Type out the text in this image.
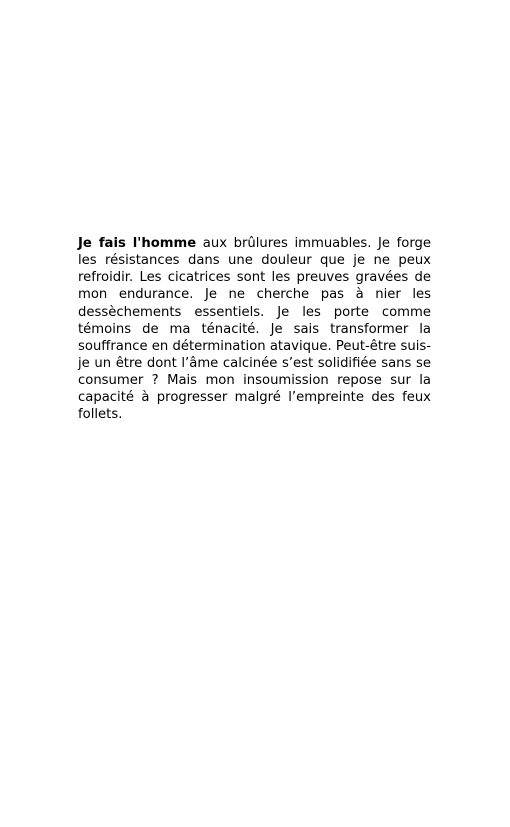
Je fais l'homme aux brûlures immuables. Je forge les résistances dans une douleur que je ne peux refroidir. Les cicatrices sont les preuves gravées de mon endurance. Je ne cherche pas à nier les dessèchements essentiels. Je les porte comme témoins de ma ténacité. Je sais transformer la souffrance en détermination atavique. Peut-être suis-je un être dont l’âme calcinée s’est solidifiée sans se consumer ? Mais mon insoumission repose sur la capacité à progresser malgré l’empreinte des feux follets.
